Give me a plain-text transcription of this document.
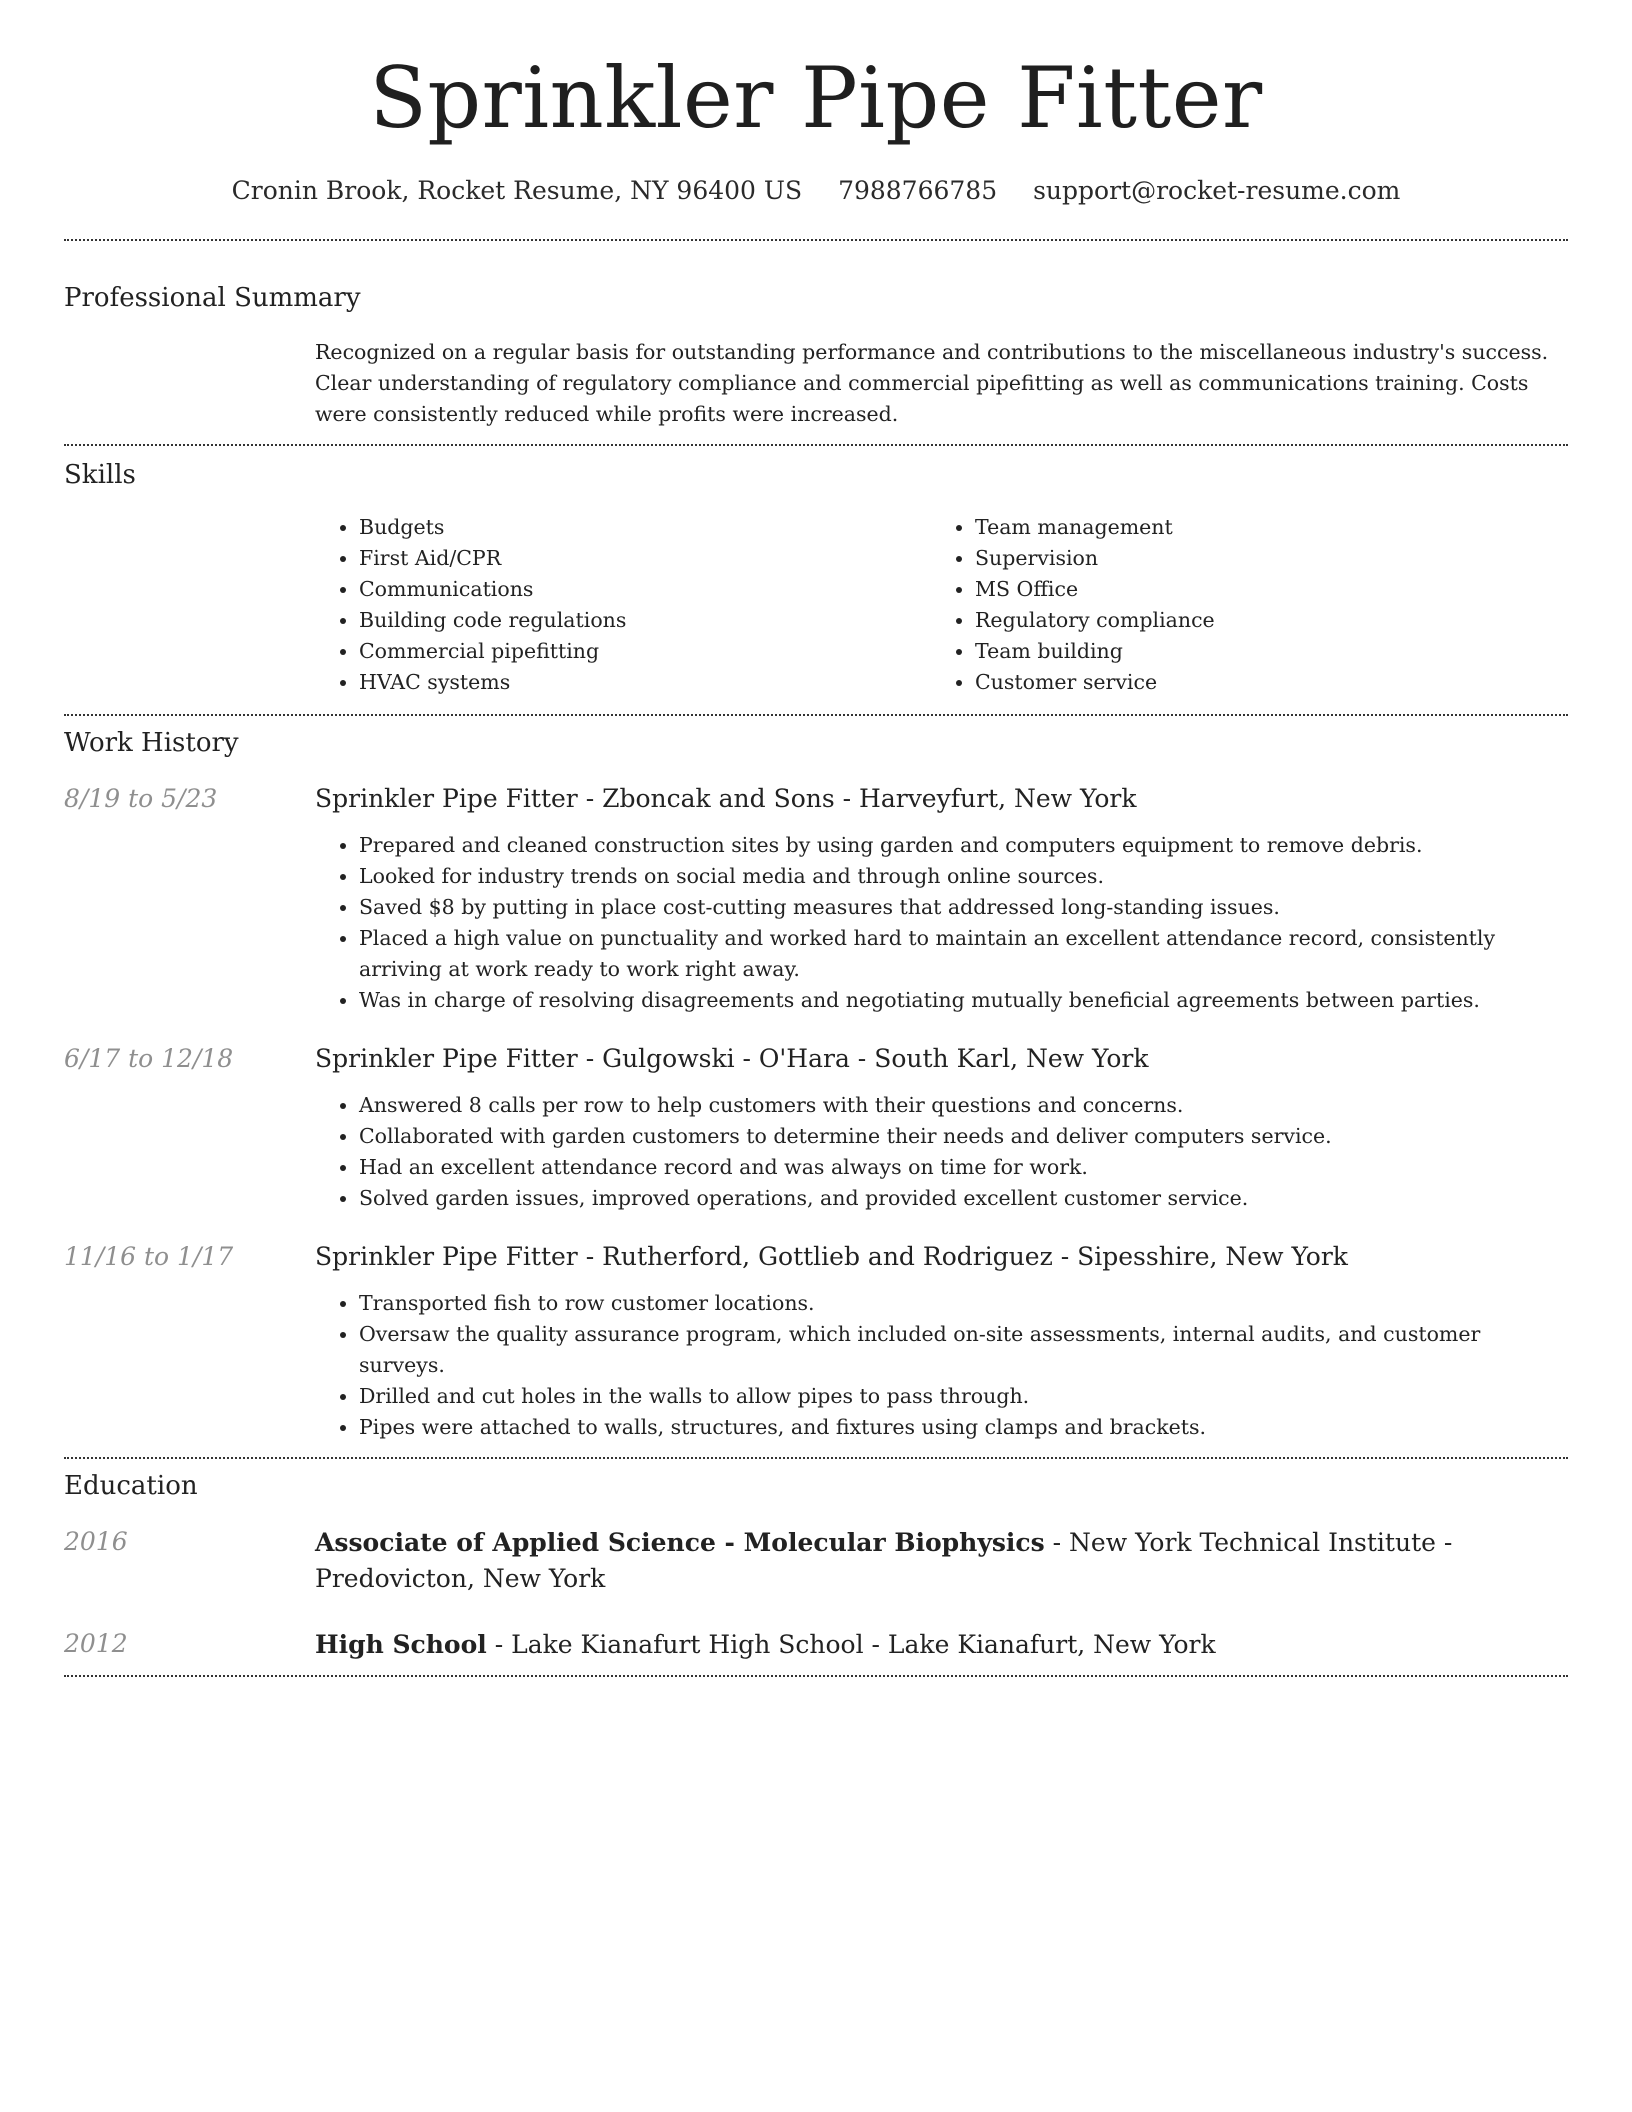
Sprinkler Pipe Fitter
Cronin Brook, Rocket Resume, NY 96400 US 7988766785 support@rocket-resume.com
Professional Summary

Recognized on a regular basis for outstanding performance and contributions to the miscellaneous industry's success. Clear understanding of regulatory compliance and commercial pipefitting as well as communications training. Costs were consistently reduced while profits were increased.

Skills
• Budgets
• First Aid/CPR
• Communications
• Building code regulations
• Commercial pipefitting
• HVAC systems
• Team management
• Supervision
• MS Office
• Regulatory compliance
• Team building
• Customer service
Work History
8/19 to 5/23	Sprinkler Pipe Fitter - Zboncak and Sons - Harveyfurt, New York
• Prepared and cleaned construction sites by using garden and computers equipment to remove debris.
• Looked for industry trends on social media and through online sources.
• Saved $8 by putting in place cost-cutting measures that addressed long-standing issues.
• Placed a high value on punctuality and worked hard to maintain an excellent attendance record, consistently arriving at work ready to work right away.
• Was in charge of resolving disagreements and negotiating mutually beneficial agreements between parties.
6/17 to 12/18	Sprinkler Pipe Fitter - Gulgowski - O'Hara - South Karl, New York
• Answered 8 calls per row to help customers with their questions and concerns.
• Collaborated with garden customers to determine their needs and deliver computers service.
• Had an excellent attendance record and was always on time for work.
• Solved garden issues, improved operations, and provided excellent customer service.
11/16 to 1/17	Sprinkler Pipe Fitter - Rutherford, Gottlieb and Rodriguez - Sipesshire, New York
• Transported fish to row customer locations.
• Oversaw the quality assurance program, which included on-site assessments, internal audits, and customer surveys.
• Drilled and cut holes in the walls to allow pipes to pass through.
• Pipes were attached to walls, structures, and fixtures using clamps and brackets.
Education
2016	Associate of Applied Science - Molecular Biophysics - New York Technical Institute - Predovicton, New York
2012	High School - Lake Kianafurt High School - Lake Kianafurt, New York
